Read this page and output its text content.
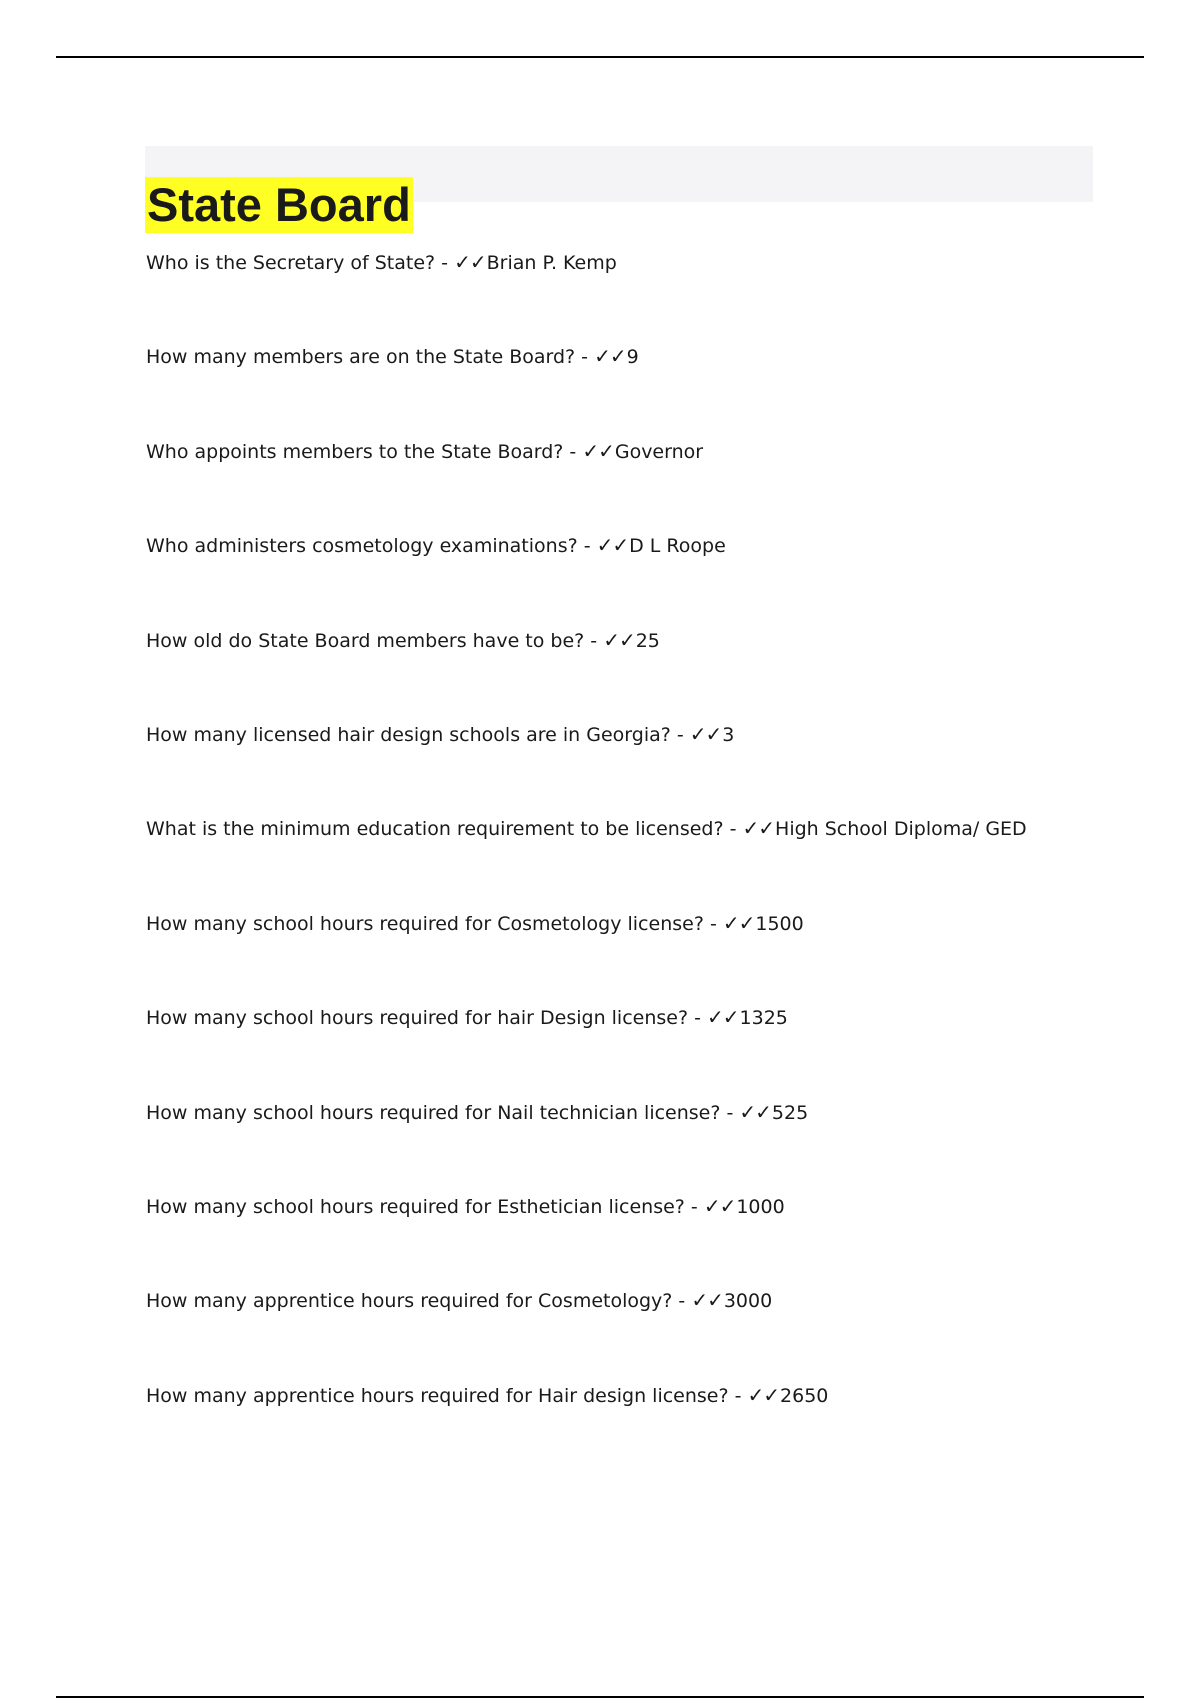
State Board
Who is the Secretary of State? - ✓✓Brian P. Kemp
How many members are on the State Board? - ✓✓9
Who appoints members to the State Board? - ✓✓Governor
Who administers cosmetology examinations? - ✓✓D L Roope
How old do State Board members have to be? - ✓✓25
How many licensed hair design schools are in Georgia? - ✓✓3
What is the minimum education requirement to be licensed? - ✓✓High School Diploma/ GED
How many school hours required for Cosmetology license? - ✓✓1500
How many school hours required for hair Design license? - ✓✓1325
How many school hours required for Nail technician license? - ✓✓525
How many school hours required for Esthetician license? - ✓✓1000
How many apprentice hours required for Cosmetology? - ✓✓3000
How many apprentice hours required for Hair design license? - ✓✓2650
